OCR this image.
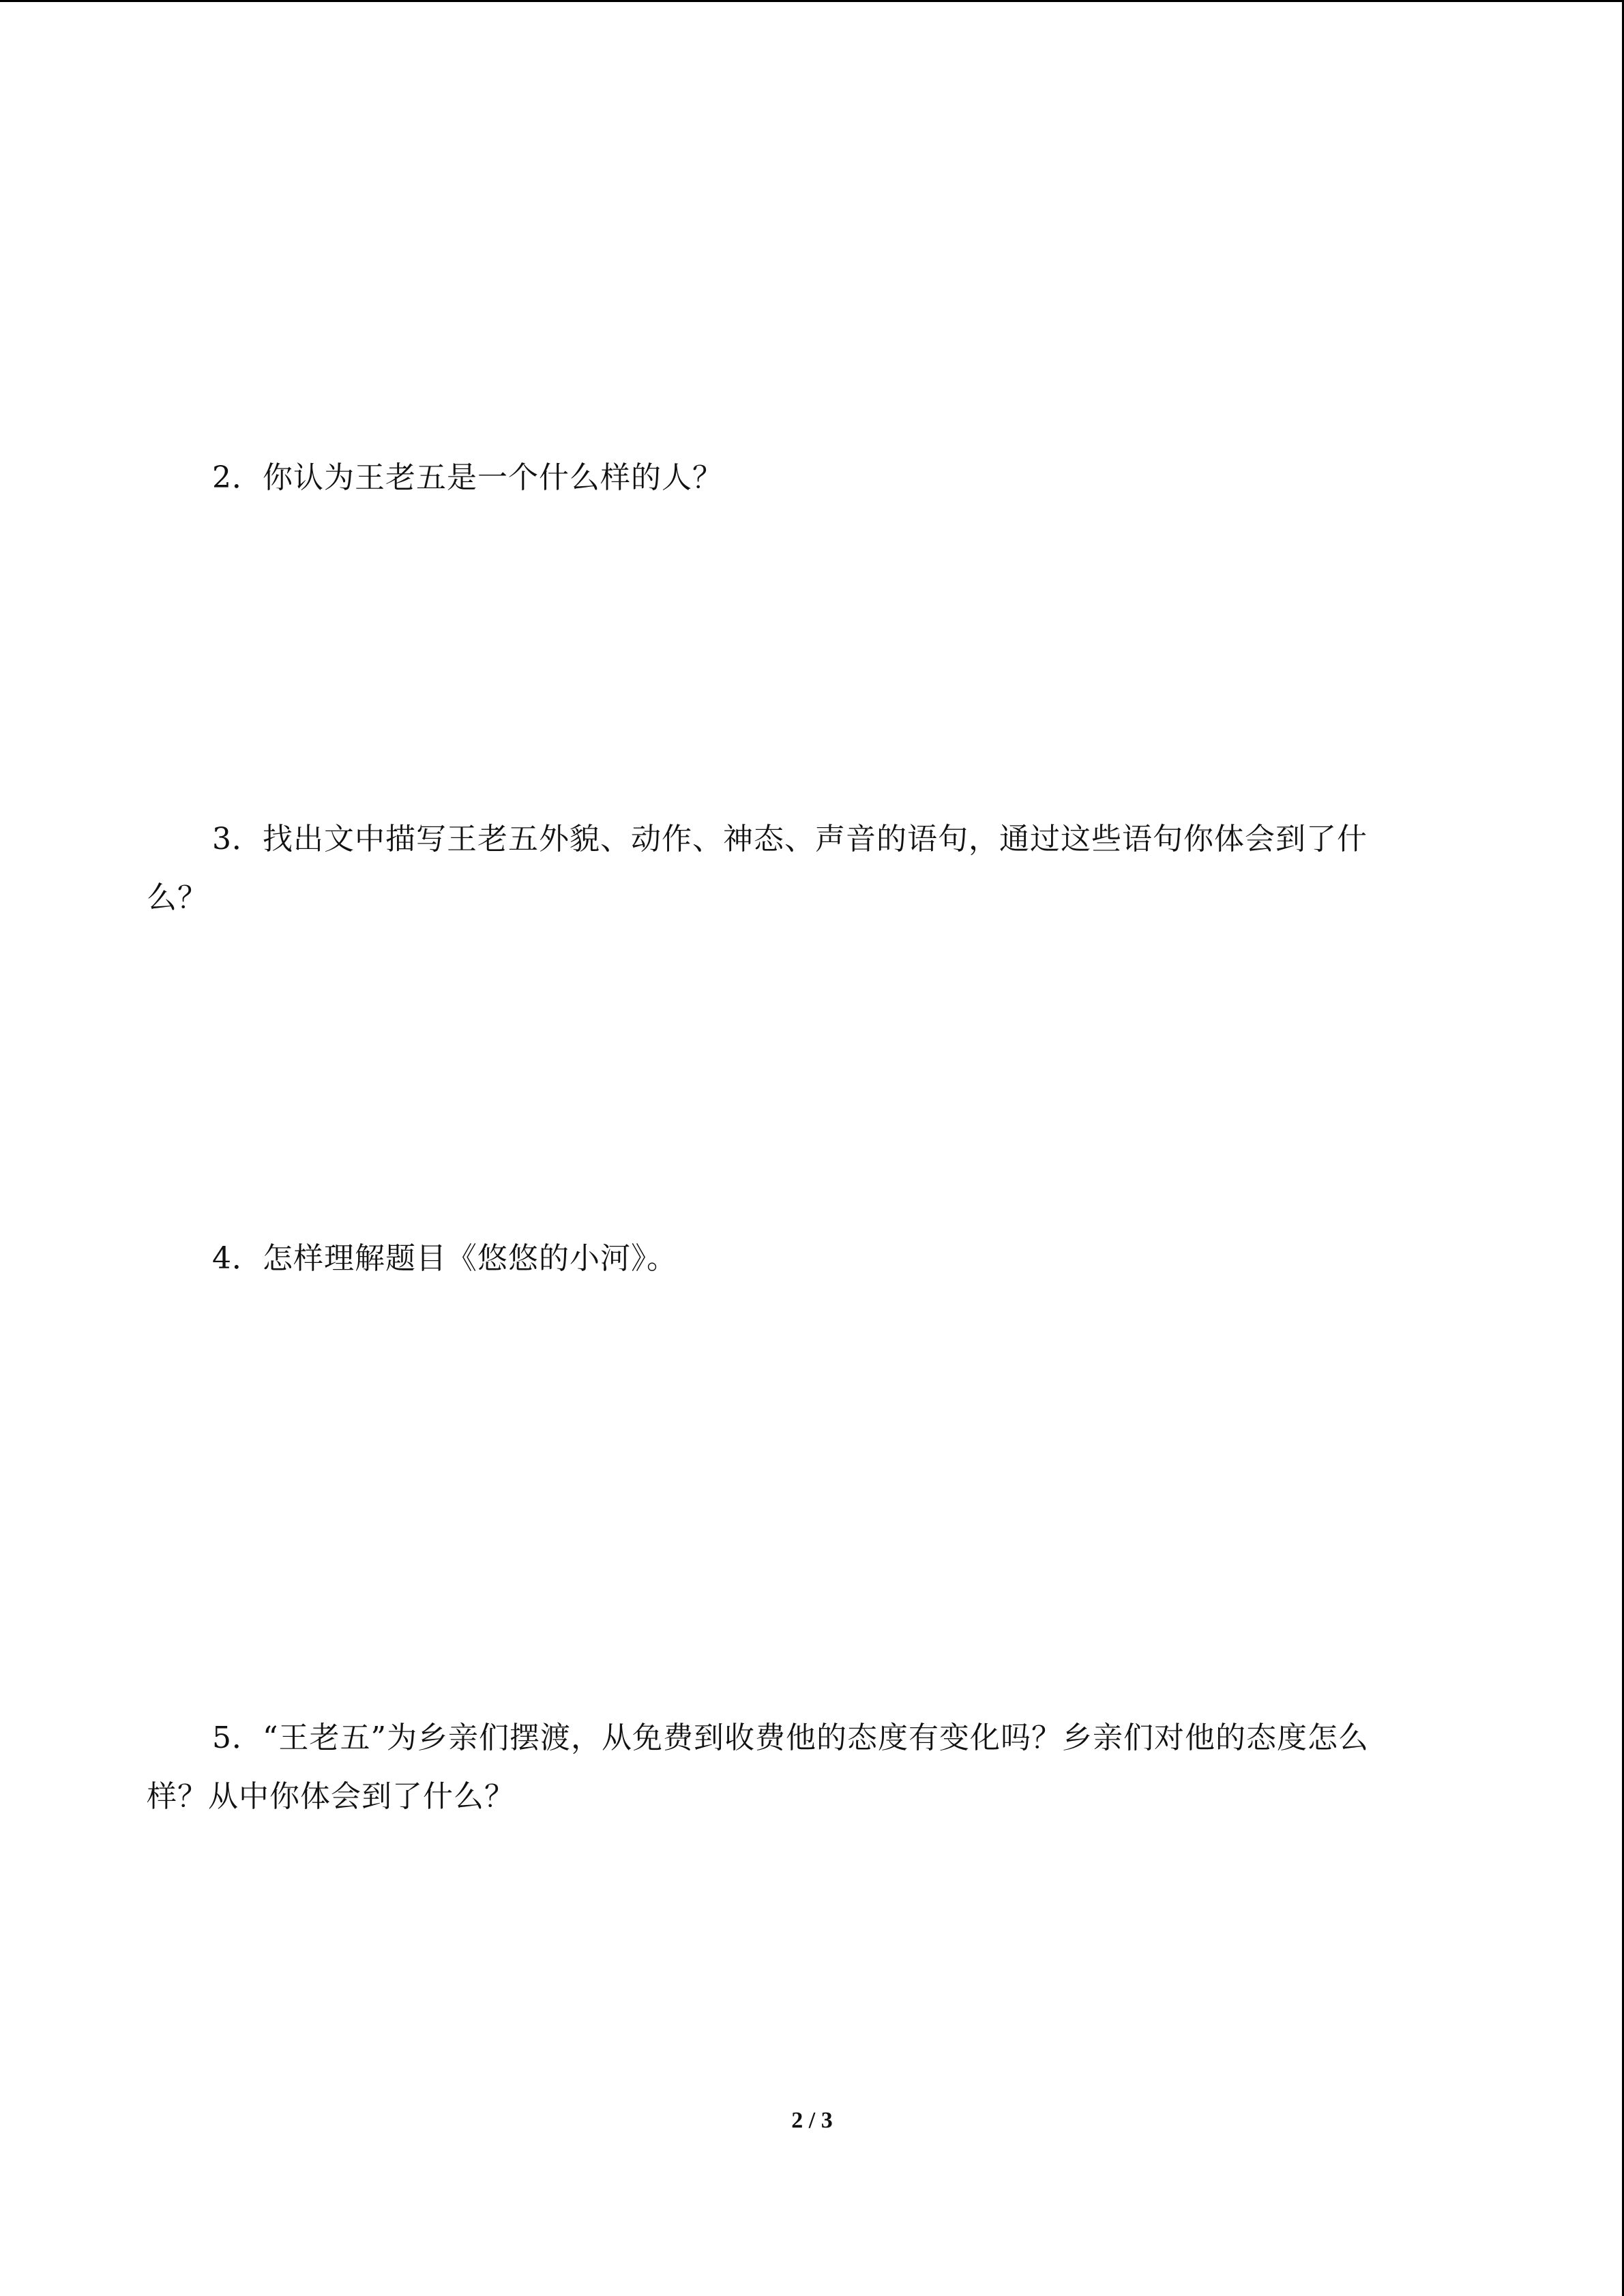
2．你认为王老五是一个什么样的人？

3．找出文中描写王老五外貌、动作、神态、声音的语句，通过这些语句你体会到了什
么？

4．怎样理解题目《悠悠的小河》。

5．“王老五”为乡亲们摆渡，从免费到收费他的态度有变化吗？乡亲们对他的态度怎么
样？从中你体会到了什么？

2 / 3
